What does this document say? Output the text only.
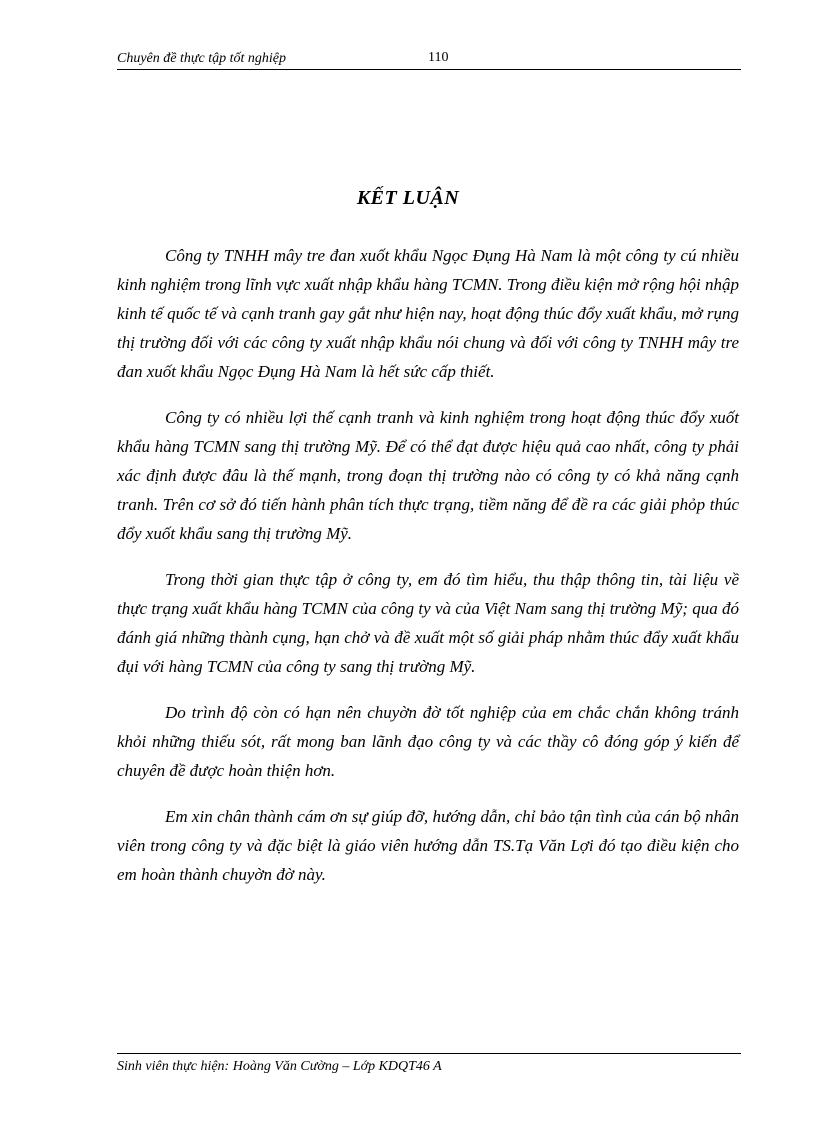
Chuyên đề thực tập tốt nghiệp	110
KẾT LUẬN

Công ty TNHH mây tre đan xuốt khẩu Ngọc Đụng Hà Nam là một công ty cú nhiều kinh nghiệm trong lĩnh vực xuất nhập khẩu hàng TCMN. Trong điều kiện mở rộng hội nhập kinh tế quốc tế và cạnh tranh gay gắt như hiện nay, hoạt động thúc đổy xuất khẩu, mở rụng thị trường đối với các công ty xuất nhập khẩu nói chung và đối với công ty TNHH mây tre đan xuốt khẩu Ngọc Đụng Hà Nam là hết sức cấp thiết.

Công ty có nhiều lợi thế cạnh tranh và kinh nghiệm trong hoạt động thúc đổy xuốt khẩu hàng TCMN sang thị trường Mỹ. Để có thể đạt được hiệu quả cao nhất, công ty phải xác định được đâu là thế mạnh, trong đoạn thị trường nào có công ty có khả năng cạnh tranh. Trên cơ sở đó tiến hành phân tích thực trạng, tiềm năng để đề ra các giải phỏp thúc đổy xuốt khẩu sang thị trường Mỹ.

Trong thời gian thực tập ở công ty, em đó tìm hiểu, thu thập thông tin, tài liệu về thực trạng xuất khẩu hàng TCMN của công ty và của Việt Nam sang thị trường Mỹ; qua đó đánh giá những thành cụng, hạn chở và đề xuất một số giải pháp nhằm thúc đẩy xuất khẩu đụi với hàng TCMN của công ty sang thị trường Mỹ.

Do trình độ còn có hạn nên chuyờn đờ tốt nghiệp của em chắc chắn không tránh khỏi những thiếu sót, rất mong ban lãnh đạo công ty và các thầy cô đóng góp ý kiến để chuyên đề được hoàn thiện hơn.

Em xin chân thành cám ơn sự giúp đỡ, hướng dẫn, chỉ bảo tận tình của cán bộ nhân viên trong công ty và đặc biệt là giáo viên hướng dẫn TS.Tạ Văn Lợi đó tạo điều kiện cho em hoàn thành chuyờn đờ này.

Sinh viên thực hiện: Hoàng Văn Cường – Lớp KDQT46 A
